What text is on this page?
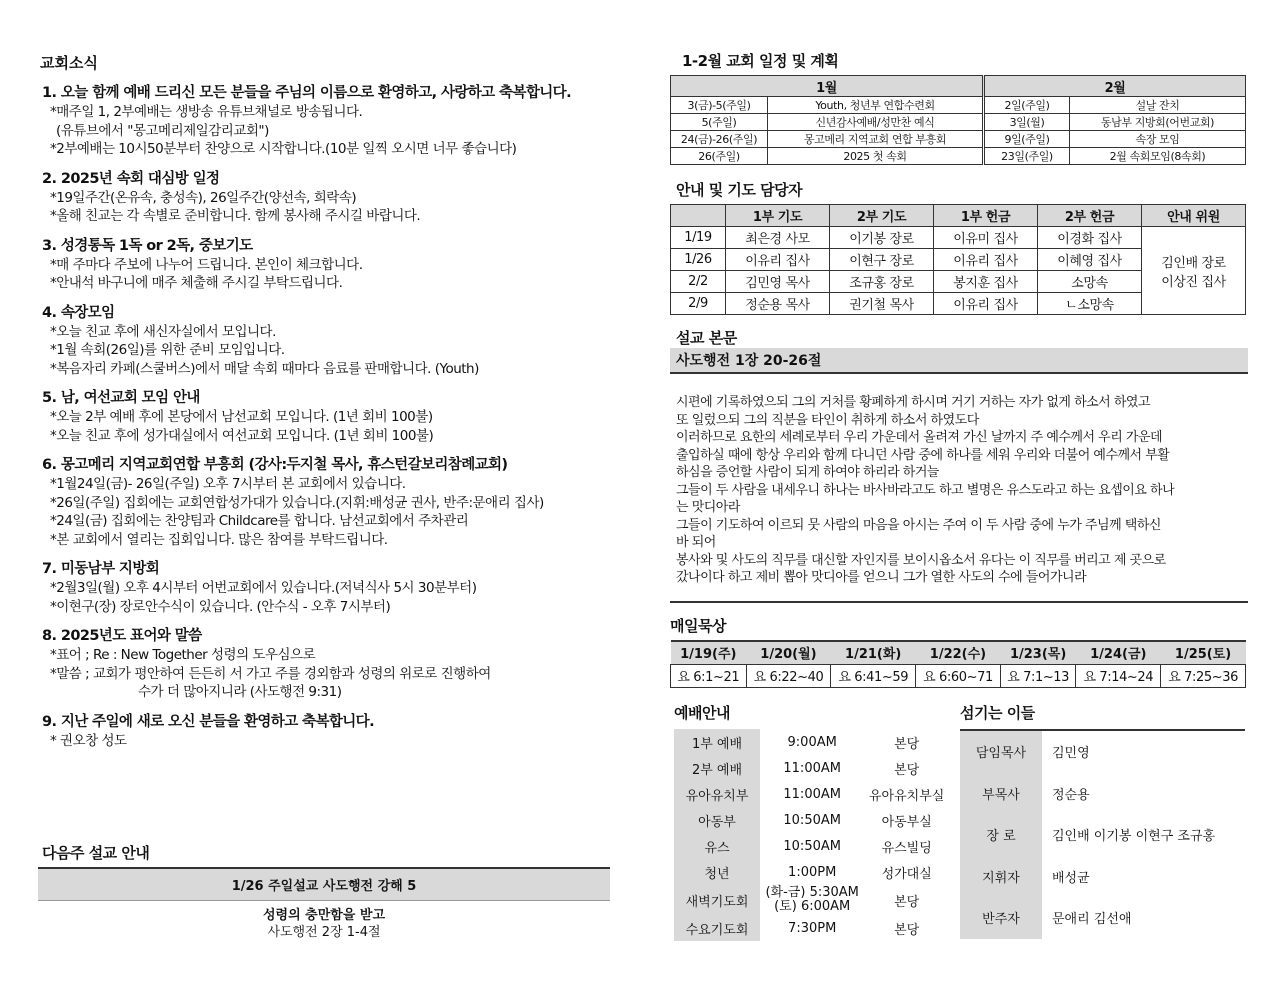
교회소식
1. 오늘 함께 예배 드리신 모든 분들을 주님의 이름으로 환영하고, 사랑하고 축복합니다.
*매주일 1, 2부예배는 생방송 유튜브채널로 방송됩니다.
(유튜브에서 "몽고메리제일감리교회")
*2부예배는 10시50분부터 찬양으로 시작합니다.(10분 일찍 오시면 너무 좋습니다)
2. 2025년 속회 대심방 일정
*19일주간(온유속, 충성속), 26일주간(양선속, 희락속)
*올해 친교는 각 속별로 준비합니다. 함께 봉사해 주시길 바랍니다.
3. 성경통독 1독 or 2독, 중보기도
*매 주마다 주보에 나누어 드립니다. 본인이 체크합니다.
*안내석 바구니에 매주 체출해 주시길 부탁드립니다.
4. 속장모임
*오늘 친교 후에 새신자실에서 모입니다.
*1월 속회(26일)를 위한 준비 모임입니다.
*복음자리 카페(스쿨버스)에서 매달 속회 때마다 음료를 판매합니다. (Youth)
5. 남, 여선교회 모임 안내
*오늘 2부 예배 후에 본당에서 남선교회 모입니다. (1년 회비 100불)
*오늘 친교 후에 성가대실에서 여선교회 모입니다. (1년 회비 100불)
6. 몽고메리 지역교회연합 부흥회 (강사:두지철 목사, 휴스턴갈보리참례교회)
*1월24일(금)- 26일(주일) 오후 7시부터 본 교회에서 있습니다.
*26일(주일) 집회에는 교회연합성가대가 있습니다.(지휘:배성균 권사, 반주:문애리 집사)
*24일(금) 집회에는 찬양팀과 Childcare를 합니다. 남선교회에서 주차관리
*본 교회에서 열리는 집회입니다. 많은 참여를 부탁드립니다.
7. 미동남부 지방회
*2월3일(월) 오후 4시부터 어번교회에서 있습니다.(저녁식사 5시 30분부터)
*이현구(장) 장로안수식이 있습니다. (안수식 - 오후 7시부터)
8. 2025년도 표어와 말씀
*표어 ; Re : New Together 성령의 도우심으로
*말씀 ; 교회가 평안하여 든든히 서 가고 주를 경외함과 성령의 위로로 진행하여
수가 더 많아지니라 (사도행전 9:31)
9. 지난 주일에 새로 오신 분들을 환영하고 축복합니다.
* 권오창 성도
다음주 설교 안내
1/26 주일설교 사도행전 강해 5
성령의 충만함을 받고
사도행전 2장 1-4절
1-2월 교회 일정 및 계획
1월		2월	
3(금)-5(주일)	Youth, 청년부 연합수련회	2일(주일)	설날 잔치
5(주일)	신년감사예배/성만찬 예식	3일(월)	동남부 지방회(어번교회)
24(금)-26(주일)	몽고메리 지역교회 연합 부흥회	9일(주일)	속장 모임
26(주일)	2025 첫 속회	23일(주일)	2월 속회모임(8속회)
안내 및 기도 담당자
	1부 기도	2부 기도	1부 헌금	2부 헌금	안내 위원
1/19	최은경 사모	이기봉 장로	이유미 집사	이경화 집사	김인배 장로
이상진 집사
1/26	이유리 집사	이현구 장로	이유리 집사	이혜영 집사	
2/2	김민영 목사	조규홍 장로	봉지훈 집사	소망속	
2/9	정순용 목사	권기철 목사	이유리 집사	ㄴ소망속	
설교 본문
사도행전 1장 20-26절
시편에 기록하였으되 그의 거처를 황폐하게 하시며 거기 거하는 자가 없게 하소서 하였고
또 일렀으되 그의 직분을 타인이 취하게 하소서 하였도다
이러하므로 요한의 세례로부터 우리 가운데서 올려져 가신 날까지 주 예수께서 우리 가운데
출입하실 때에 항상 우리와 함께 다니던 사람 중에 하나를 세워 우리와 더불어 예수께서 부활
하심을 증언할 사람이 되게 하여야 하리라 하거늘
그들이 두 사람을 내세우니 하나는 바사바라고도 하고 별명은 유스도라고 하는 요셉이요 하나
는 맛디아라
그들이 기도하여 이르되 뭇 사람의 마음을 아시는 주여 이 두 사람 중에 누가 주님께 택하신
바 되어
봉사와 및 사도의 직무를 대신할 자인지를 보이시옵소서 유다는 이 직무를 버리고 제 곳으로
갔나이다 하고 제비 뽑아 맛디아를 얻으니 그가 열한 사도의 수에 들어가니라
매일묵상
1/19(주)	1/20(월)	1/21(화)	1/22(수)	1/23(목)	1/24(금)	1/25(토)
요 6:1~21	요 6:22~40	요 6:41~59	요 6:60~71	요 7:1~13	요 7:14~24	요 7:25~36
예배안내
1부 예배	9:00AM	본당
2부 예배	11:00AM	본당
유아유치부	11:00AM	유아유치부실
아동부	10:50AM	아동부실
유스	10:50AM	유스빌딩
청년	1:00PM	성가대실
새벽기도회	(화-금) 5:30AM
(토) 6:00AM	본당
수요기도회	7:30PM	본당
섬기는 이들
담임목사	김민영
부목사	정순용
장 로	김인배 이기봉 이현구 조규홍
지휘자	배성균
반주자	문애리 김선애
